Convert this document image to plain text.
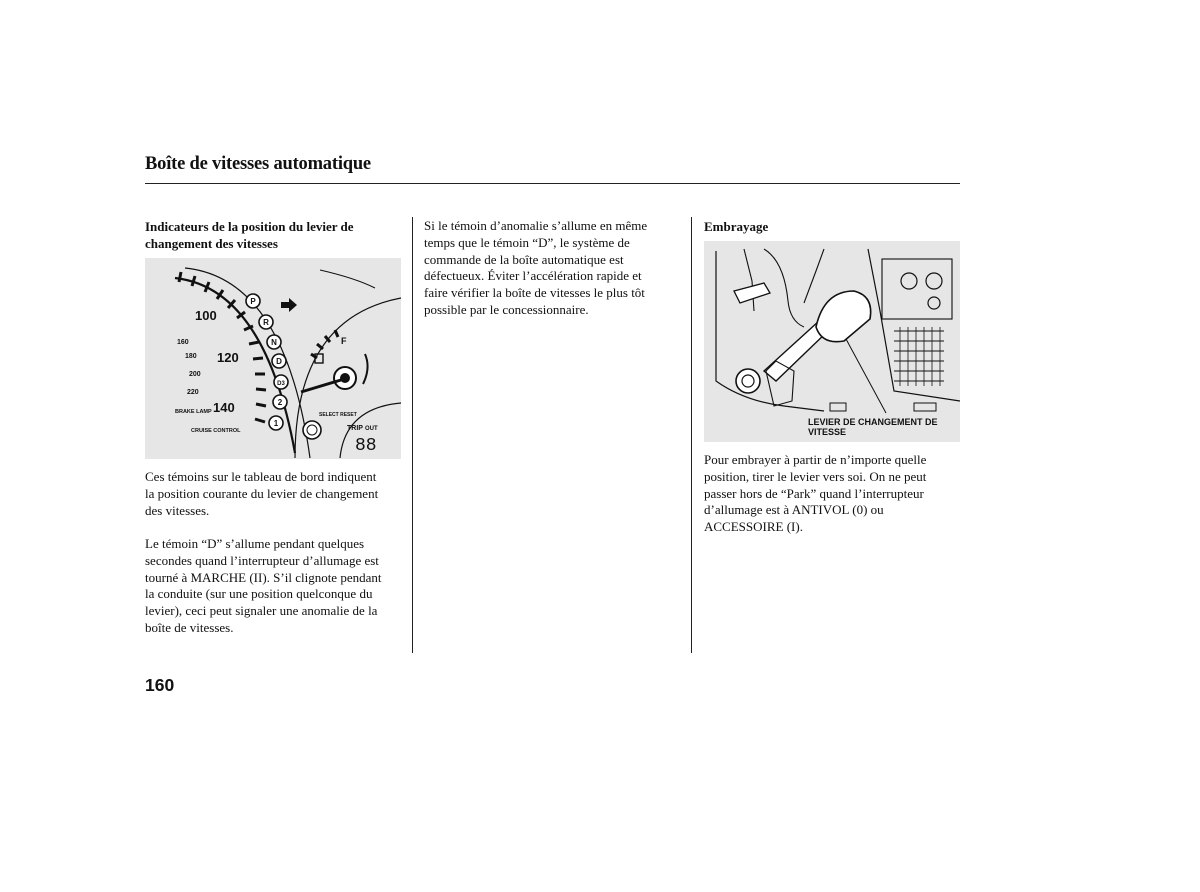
Boîte de vitesses automatique
Indicateurs de la position du levier de
changement des vitesses
100
120
140
160
180
200
220
BRAKE LAMP
CRUISE CONTROL
P
R
N
D
D3
2
1
F
SELECT RESET
TRIP OUT
88
Ces témoins sur le tableau de bord indiquent
la position courante du levier de changement
des vitesses.
Le témoin “D” s’allume pendant quelques
secondes quand l’interrupteur d’allumage est
tourné à MARCHE (II). S’il clignote pendant
la conduite (sur une position quelconque du
levier), ceci peut signaler une anomalie de la
boîte de vitesses.
Si le témoin d’anomalie s’allume en même
temps que le témoin “D”, le système de
commande de la boîte automatique est
défectueux. Éviter l’accélération rapide et
faire vérifier la boîte de vitesses le plus tôt
possible par le concessionnaire.
Embrayage
LEVIER DE CHANGEMENT DE
VITESSE
Pour embrayer à partir de n’importe quelle
position, tirer le levier vers soi. On ne peut
passer hors de “Park” quand l’interrupteur
d’allumage est à ANTIVOL (0) ou
ACCESSOIRE (I).
160
